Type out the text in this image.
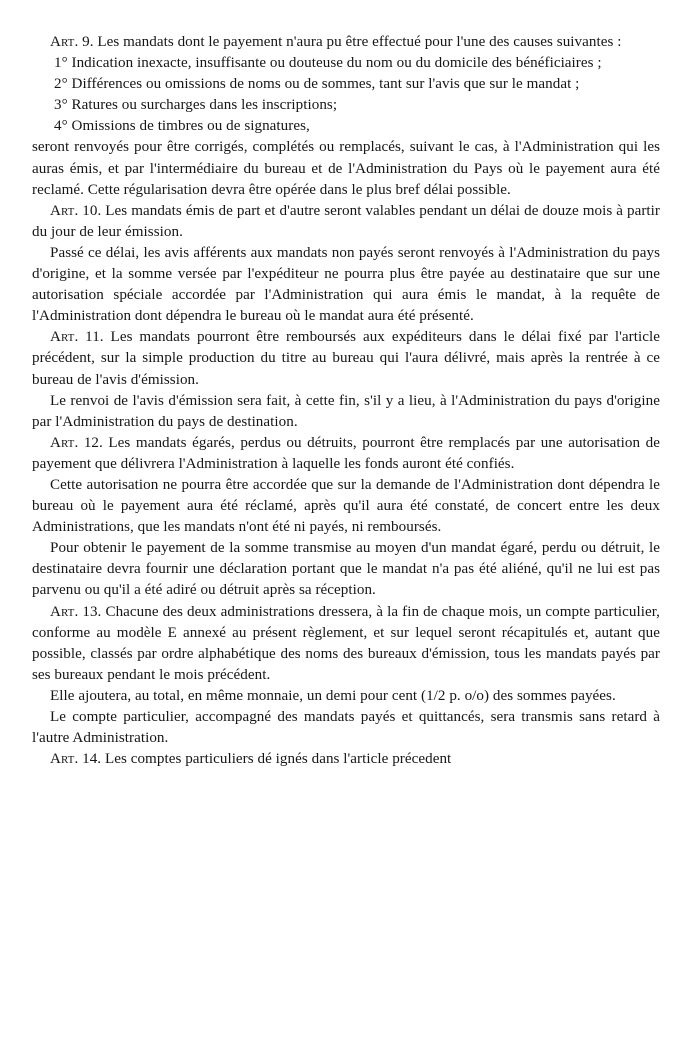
Art. 9. Les mandats dont le payement n'aura pu être effectué pour l'une des causes suivantes :

1° Indication inexacte, insuffisante ou douteuse du nom ou du domicile des bénéficiaires ;

2° Différences ou omissions de noms ou de sommes, tant sur l'avis que sur le mandat ;

3° Ratures ou surcharges dans les inscriptions;

4° Omissions de timbres ou de signatures,

seront renvoyés pour être corrigés, complétés ou remplacés, suivant le cas, à l'Administration qui les auras émis, et par l'intermédiaire du bureau et de l'Administration du Pays où le payement aura été reclamé. Cette régularisation devra être opérée dans le plus bref délai possible.

Art. 10. Les mandats émis de part et d'autre seront valables pendant un délai de douze mois à partir du jour de leur émission.

Passé ce délai, les avis afférents aux mandats non payés seront renvoyés à l'Administration du pays d'origine, et la somme versée par l'expéditeur ne pourra plus être payée au destinataire que sur une autorisation spéciale accordée par l'Administration qui aura émis le mandat, à la requête de l'Administration dont dépendra le bureau où le mandat aura été présenté.

Art. 11. Les mandats pourront être remboursés aux expéditeurs dans le délai fixé par l'article précédent, sur la simple production du titre au bureau qui l'aura délivré, mais après la rentrée à ce bureau de l'avis d'émission.

Le renvoi de l'avis d'émission sera fait, à cette fin, s'il y a lieu, à l'Administration du pays d'origine par l'Administration du pays de destination.

Art. 12. Les mandats égarés, perdus ou détruits, pourront être remplacés par une autorisation de payement que délivrera l'Administration à laquelle les fonds auront été confiés.

Cette autorisation ne pourra être accordée que sur la demande de l'Administration dont dépendra le bureau où le payement aura été réclamé, après qu'il aura été constaté, de concert entre les deux Administrations, que les mandats n'ont été ni payés, ni remboursés.

Pour obtenir le payement de la somme transmise au moyen d'un mandat égaré, perdu ou détruit, le destinataire devra fournir une déclaration portant que le mandat n'a pas été aliéné, qu'il ne lui est pas parvenu ou qu'il a été adiré ou détruit après sa réception.

Art. 13. Chacune des deux administrations dressera, à la fin de chaque mois, un compte particulier, conforme au modèle E annexé au présent règlement, et sur lequel seront récapitulés et, autant que possible, classés par ordre alphabétique des noms des bureaux d'émission, tous les mandats payés par ses bureaux pendant le mois précédent.

Elle ajoutera, au total, en même monnaie, un demi pour cent (1/2 p. o/o) des sommes payées.

Le compte particulier, accompagné des mandats payés et quittancés, sera transmis sans retard à l'autre Administration.

Art. 14. Les comptes particuliers dé ignés dans l'article précedent
